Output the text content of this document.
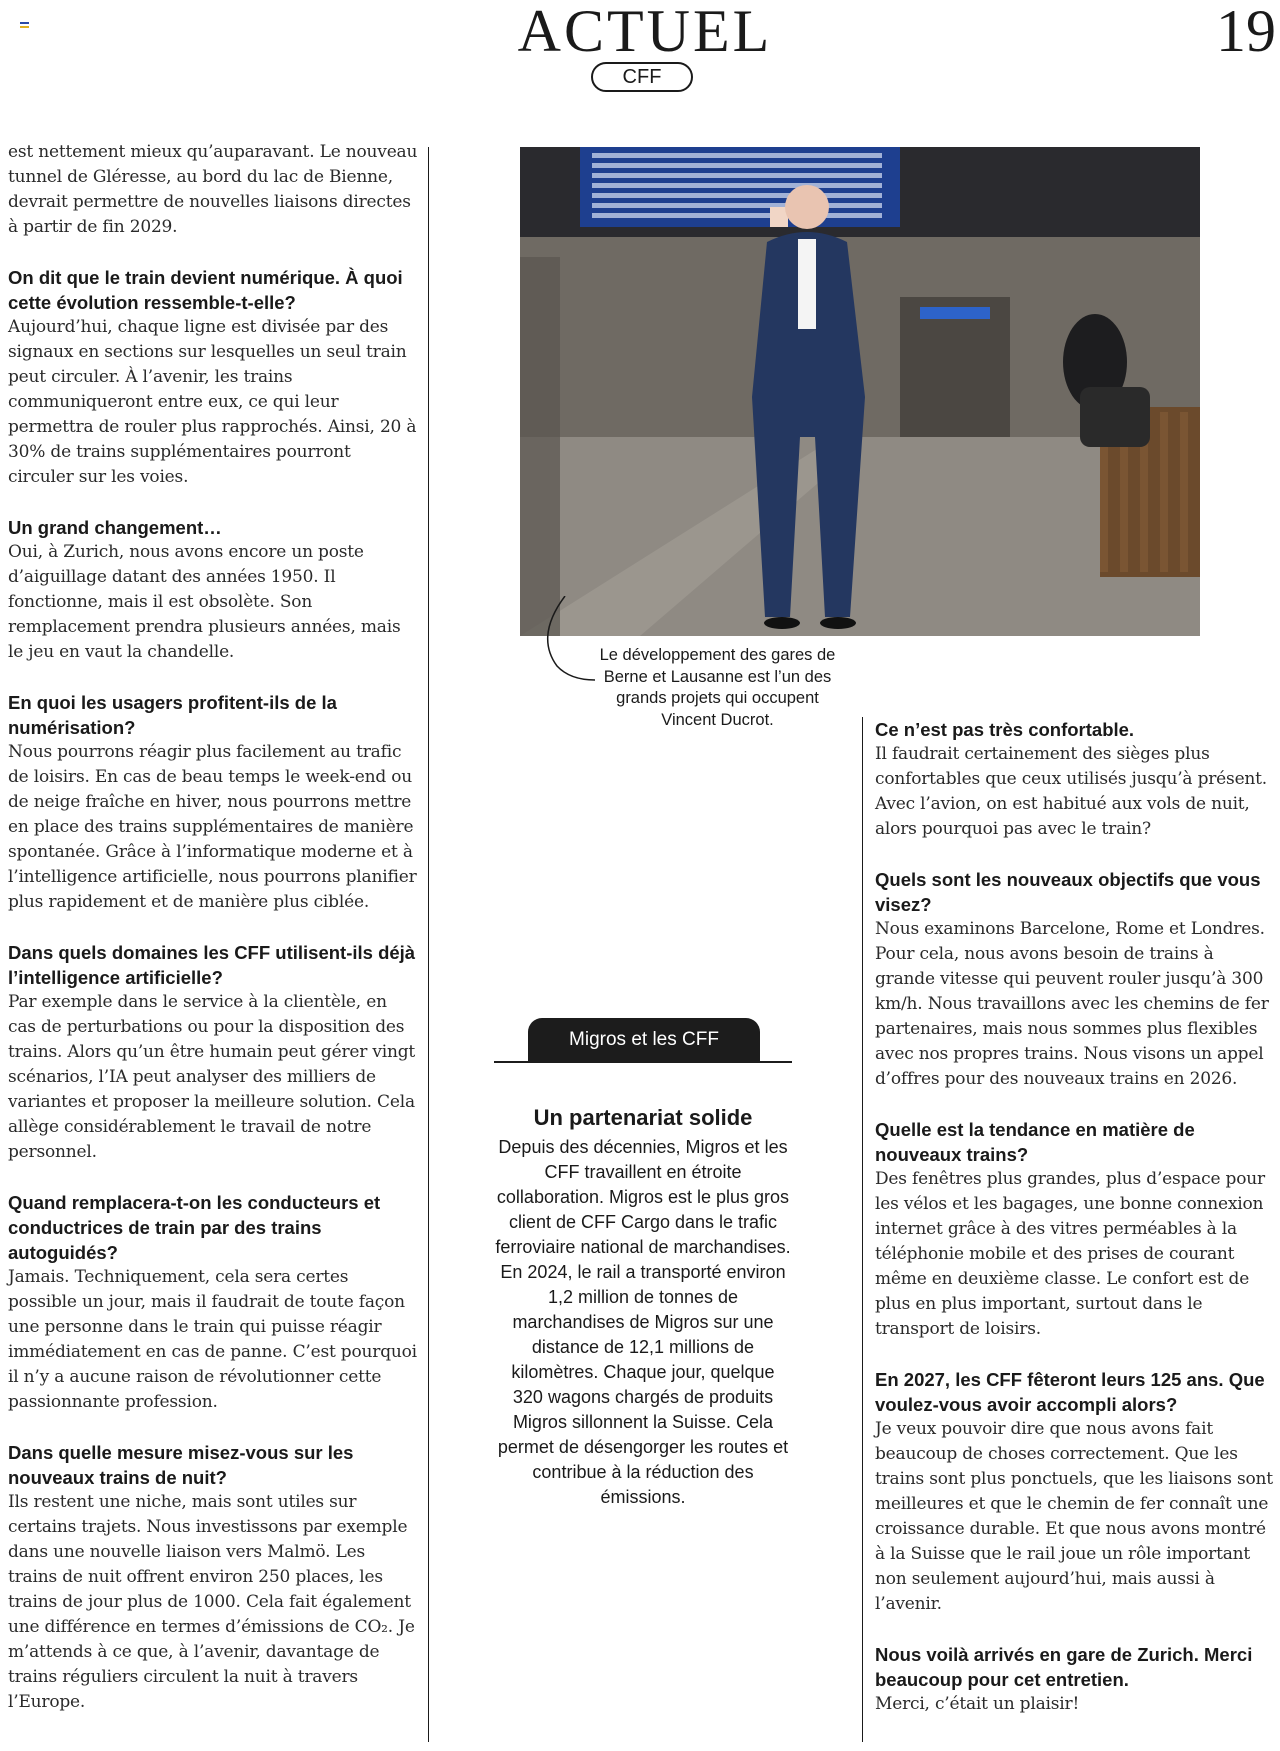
ACTUEL
CFF
19

est nettement mieux qu’auparavant. Le nouveau tunnel de Gléresse, au bord du lac de Bienne, devrait permettre de nouvelles liaisons directes à partir de fin 2029.

On dit que le train devient numérique. À quoi cette évolution ressemble-t-elle?

Aujourd’hui, chaque ligne est divisée par des signaux en sections sur lesquelles un seul train peut circuler. À l’avenir, les trains communiqueront entre eux, ce qui leur permettra de rouler plus rapprochés. Ainsi, 20 à 30% de trains supplémentaires pourront circuler sur les voies.

Un grand changement…

Oui, à Zurich, nous avons encore un poste d’aiguillage datant des années 1950. Il fonctionne, mais il est obsolète. Son remplacement prendra plusieurs années, mais le jeu en vaut la chandelle.

En quoi les usagers profitent-ils de la numérisation?

Nous pourrons réagir plus facilement au trafic de loisirs. En cas de beau temps le week-end ou de neige fraîche en hiver, nous pourrons mettre en place des trains supplémentaires de manière spontanée. Grâce à l’informatique moderne et à l’intelligence artificielle, nous pourrons planifier plus rapidement et de manière plus ciblée.

Dans quels domaines les CFF utilisent-ils déjà l’intelligence artificielle?

Par exemple dans le service à la clientèle, en cas de perturbations ou pour la disposition des trains. Alors qu’un être humain peut gérer vingt scénarios, l’IA peut analyser des milliers de variantes et proposer la meilleure solution. Cela allège considérablement le travail de notre personnel.

Quand remplacera-t-on les conducteurs et conductrices de train par des trains autoguidés?

Jamais. Techniquement, cela sera certes possible un jour, mais il faudrait de toute façon une personne dans le train qui puisse réagir immédiatement en cas de panne. C’est pourquoi il n’y a aucune raison de révolutionner cette passionnante profession.

Dans quelle mesure misez-vous sur les nouveaux trains de nuit?

Ils restent une niche, mais sont utiles sur certains trajets. Nous investissons par exemple dans une nouvelle liaison vers Malmö. Les trains de nuit offrent environ 250 places, les trains de jour plus de 1000. Cela fait également une différence en termes d’émissions de CO₂. Je m’attends à ce que, à l’avenir, davantage de trains réguliers circulent la nuit à travers l’Europe.

Le développement des gares de Berne et Lausanne est l’un des grands projets qui occupent Vincent Ducrot.
Migros et les CFF
Un partenariat solide
Depuis des décennies, Migros et les CFF travaillent en étroite collaboration. Migros est le plus gros client de CFF Cargo dans le trafic ferroviaire national de marchandises. En 2024, le rail a transporté environ 1,2 million de tonnes de marchandises de Migros sur une distance de 12,1 millions de kilomètres. Chaque jour, quelque 320 wagons chargés de produits Migros sillonnent la Suisse. Cela permet de désengorger les routes et contribue à la réduction des émissions.

Ce n’est pas très confortable.

Il faudrait certainement des sièges plus confortables que ceux utilisés jusqu’à présent. Avec l’avion, on est habitué aux vols de nuit, alors pourquoi pas avec le train?

Quels sont les nouveaux objectifs que vous visez?

Nous examinons Barcelone, Rome et Londres. Pour cela, nous avons besoin de trains à grande vitesse qui peuvent rouler jusqu’à 300 km/h. Nous travaillons avec les chemins de fer partenaires, mais nous sommes plus flexibles avec nos propres trains. Nous visons un appel d’offres pour des nouveaux trains en 2026.

Quelle est la tendance en matière de nouveaux trains?

Des fenêtres plus grandes, plus d’espace pour les vélos et les bagages, une bonne connexion internet grâce à des vitres perméables à la téléphonie mobile et des prises de courant même en deuxième classe. Le confort est de plus en plus important, surtout dans le transport de loisirs.

En 2027, les CFF fêteront leurs 125 ans. Que voulez-vous avoir accompli alors?

Je veux pouvoir dire que nous avons fait beaucoup de choses correctement. Que les trains sont plus ponctuels, que les liaisons sont meilleures et que le chemin de fer connaît une croissance durable. Et que nous avons montré à la Suisse que le rail joue un rôle important non seulement aujourd’hui, mais aussi à l’avenir.

Nous voilà arrivés en gare de Zurich. Merci beaucoup pour cet entretien.

Merci, c’était un plaisir!
